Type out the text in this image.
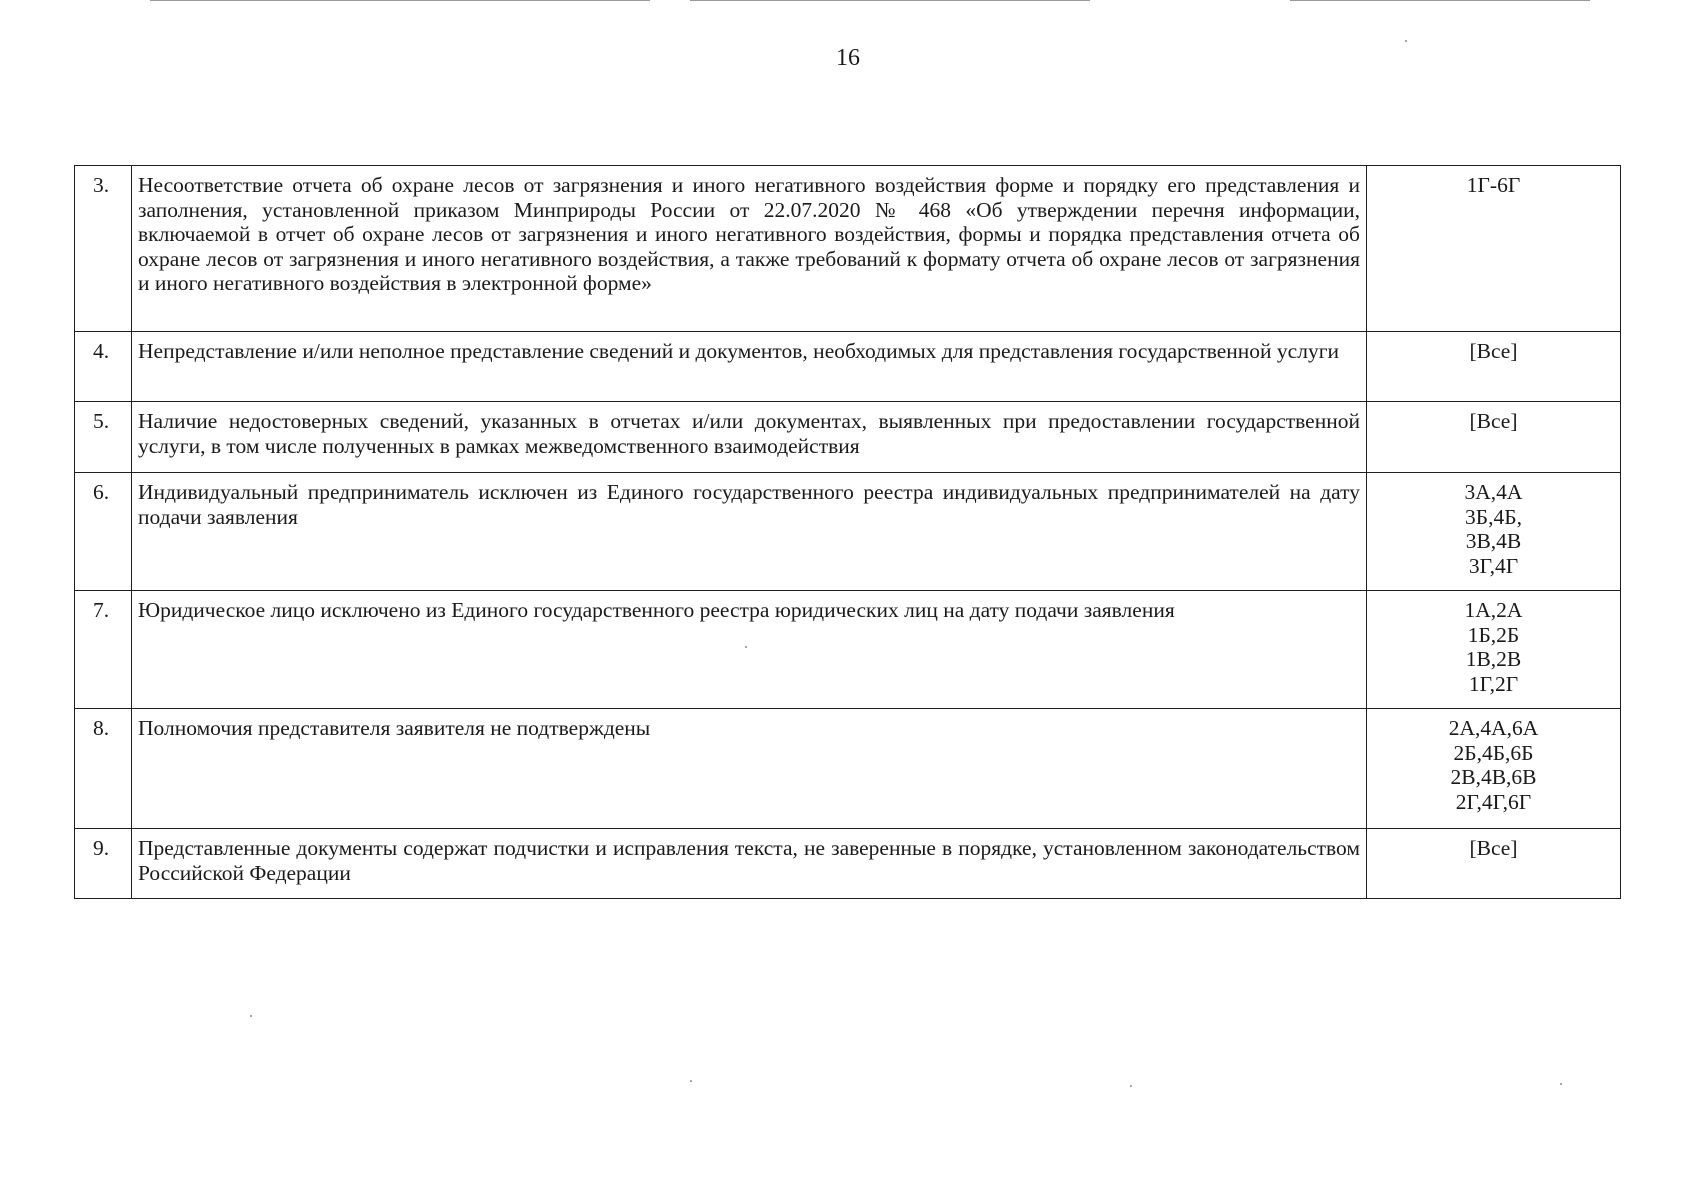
16
3.	Несоответствие отчета об охране лесов от загрязнения и иного негативного воздействия форме и порядку его представления и заполнения, установленной приказом Минприроды России от 22.07.2020 № 468 «Об утверждении перечня информации, включаемой в отчет об охране лесов от загрязнения и иного негативного воздействия, формы и порядка представления отчета об охране лесов от загрязнения и иного негативного воздействия, а также требований к формату отчета об охране лесов от загрязнения и иного негативного воздействия в электронной форме»	1Г-6Г

4.	Непредставление и/или неполное представление сведений и документов, необходимых для представления государственной услуги	[Все]

5.	Наличие недостоверных сведений, указанных в отчетах и/или документах, выявленных при предоставлении государственной услуги, в том числе полученных в рамках межведомственного взаимодействия	[Все]

6.	Индивидуальный предприниматель исключен из Единого государственного реестра индивидуальных предпринимателей на дату подачи заявления	3А,4А
3Б,4Б,
3В,4В
3Г,4Г

7.	Юридическое лицо исключено из Единого государственного реестра юридических лиц на дату подачи заявления	1А,2А
1Б,2Б
1В,2В
1Г,2Г

8.	Полномочия представителя заявителя не подтверждены	2А,4А,6А
2Б,4Б,6Б
2В,4В,6В
2Г,4Г,6Г

9.	Представленные документы содержат подчистки и исправления текста, не заверенные в порядке, установленном законодательством Российской Федерации	[Все]
